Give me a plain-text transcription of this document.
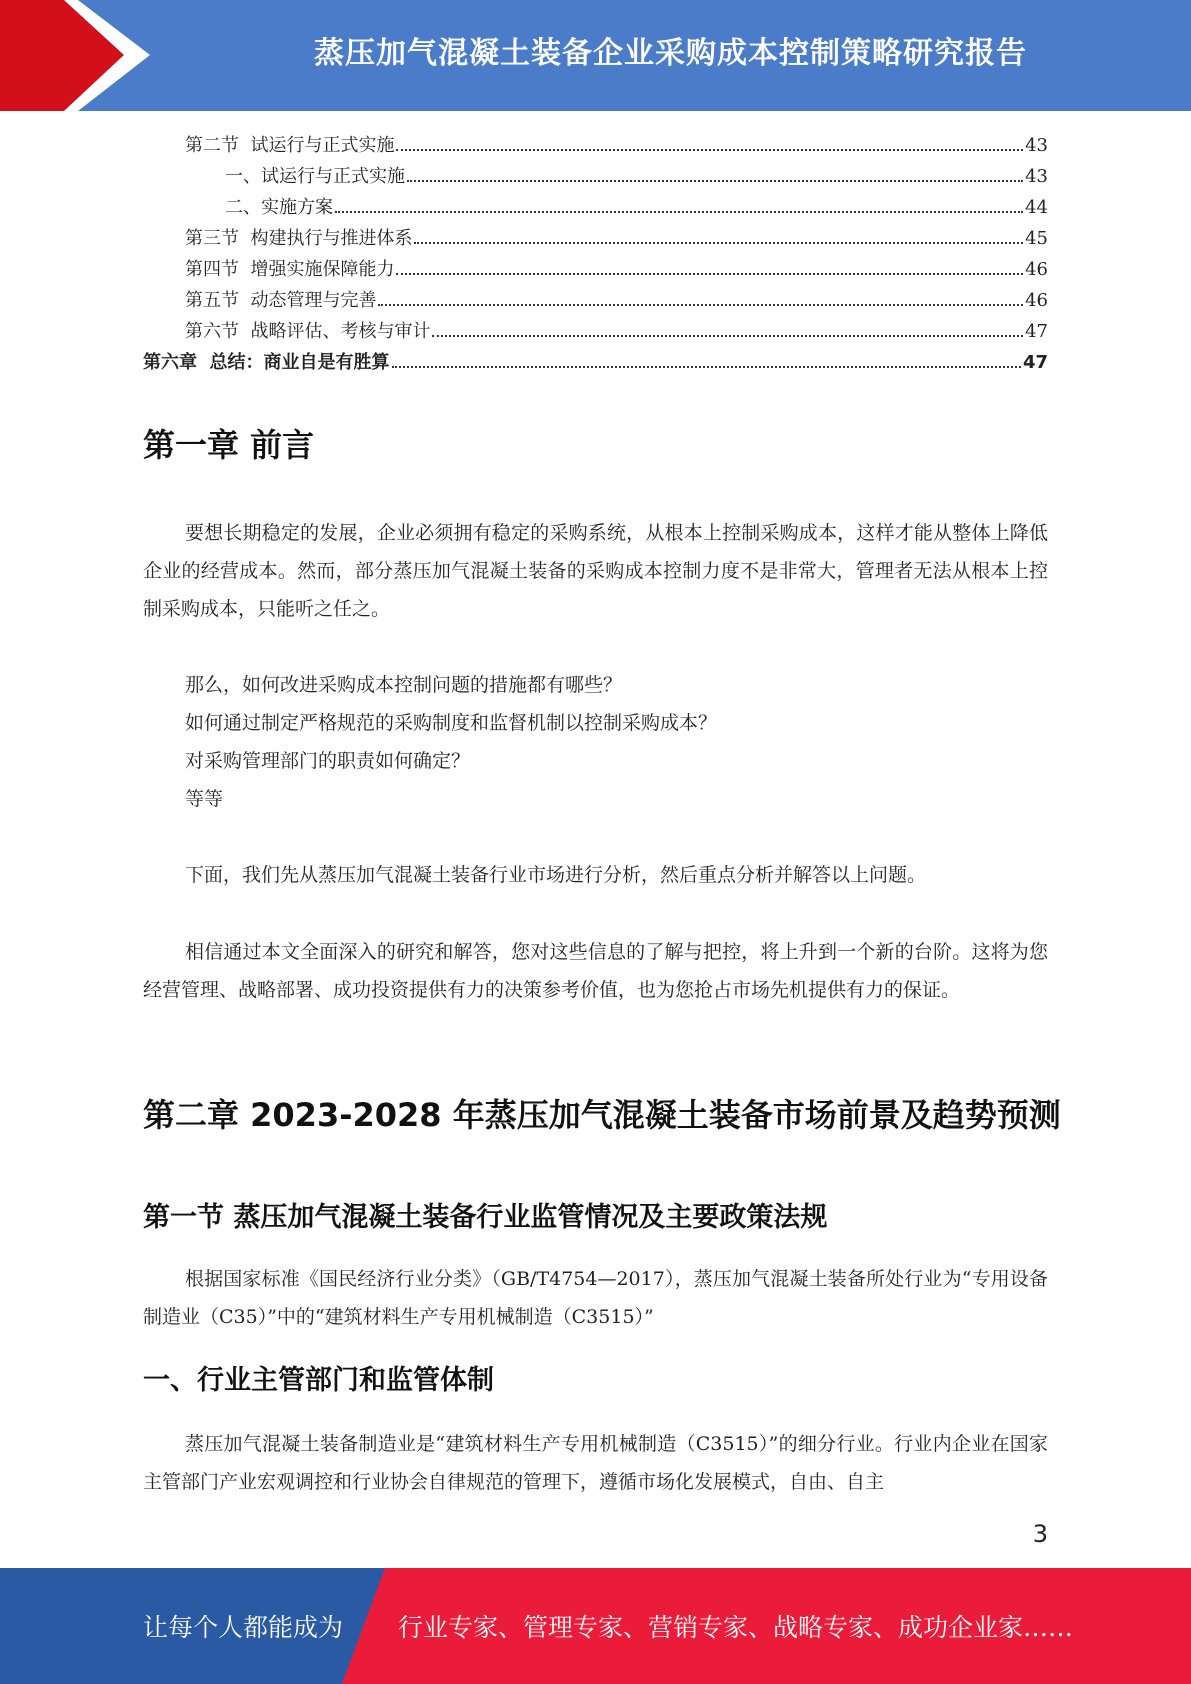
蒸压加气混凝土装备企业采购成本控制策略研究报告
第二节  试运行与正式实施	43
一、试运行与正式实施	43
二、实施方案	44
第三节  构建执行与推进体系	45
第四节  增强实施保障能力	46
第五节  动态管理与完善	46
第六节  战略评估、考核与审计	47
第六章  总结：商业自是有胜算	47
第一章 前言

要想长期稳定的发展，企业必须拥有稳定的采购系统，从根本上控制采购成本，这样才能从整体上降低企业的经营成本。然而，部分蒸压加气混凝土装备的采购成本控制力度不是非常大，管理者无法从根本上控制采购成本，只能听之任之。

那么，如何改进采购成本控制问题的措施都有哪些？

如何通过制定严格规范的采购制度和监督机制以控制采购成本？

对采购管理部门的职责如何确定？

等等

下面，我们先从蒸压加气混凝土装备行业市场进行分析，然后重点分析并解答以上问题。

相信通过本文全面深入的研究和解答，您对这些信息的了解与把控，将上升到一个新的台阶。这将为您经营管理、战略部署、成功投资提供有力的决策参考价值，也为您抢占市场先机提供有力的保证。

第二章 2023-2028 年蒸压加气混凝土装备市场前景及趋势预测
第一节 蒸压加气混凝土装备行业监管情况及主要政策法规

根据国家标准《国民经济行业分类》（GB/T4754—2017），蒸压加气混凝土装备所处行业为“专用设备制造业（C35）”中的“建筑材料生产专用机械制造（C3515）”

一、行业主管部门和监管体制

蒸压加气混凝土装备制造业是“建筑材料生产专用机械制造（C3515）”的细分行业。行业内企业在国家主管部门产业宏观调控和行业协会自律规范的管理下，遵循市场化发展模式，自由、自主

3
让每个人都能成为 行业专家、管理专家、营销专家、战略专家、成功企业家……
